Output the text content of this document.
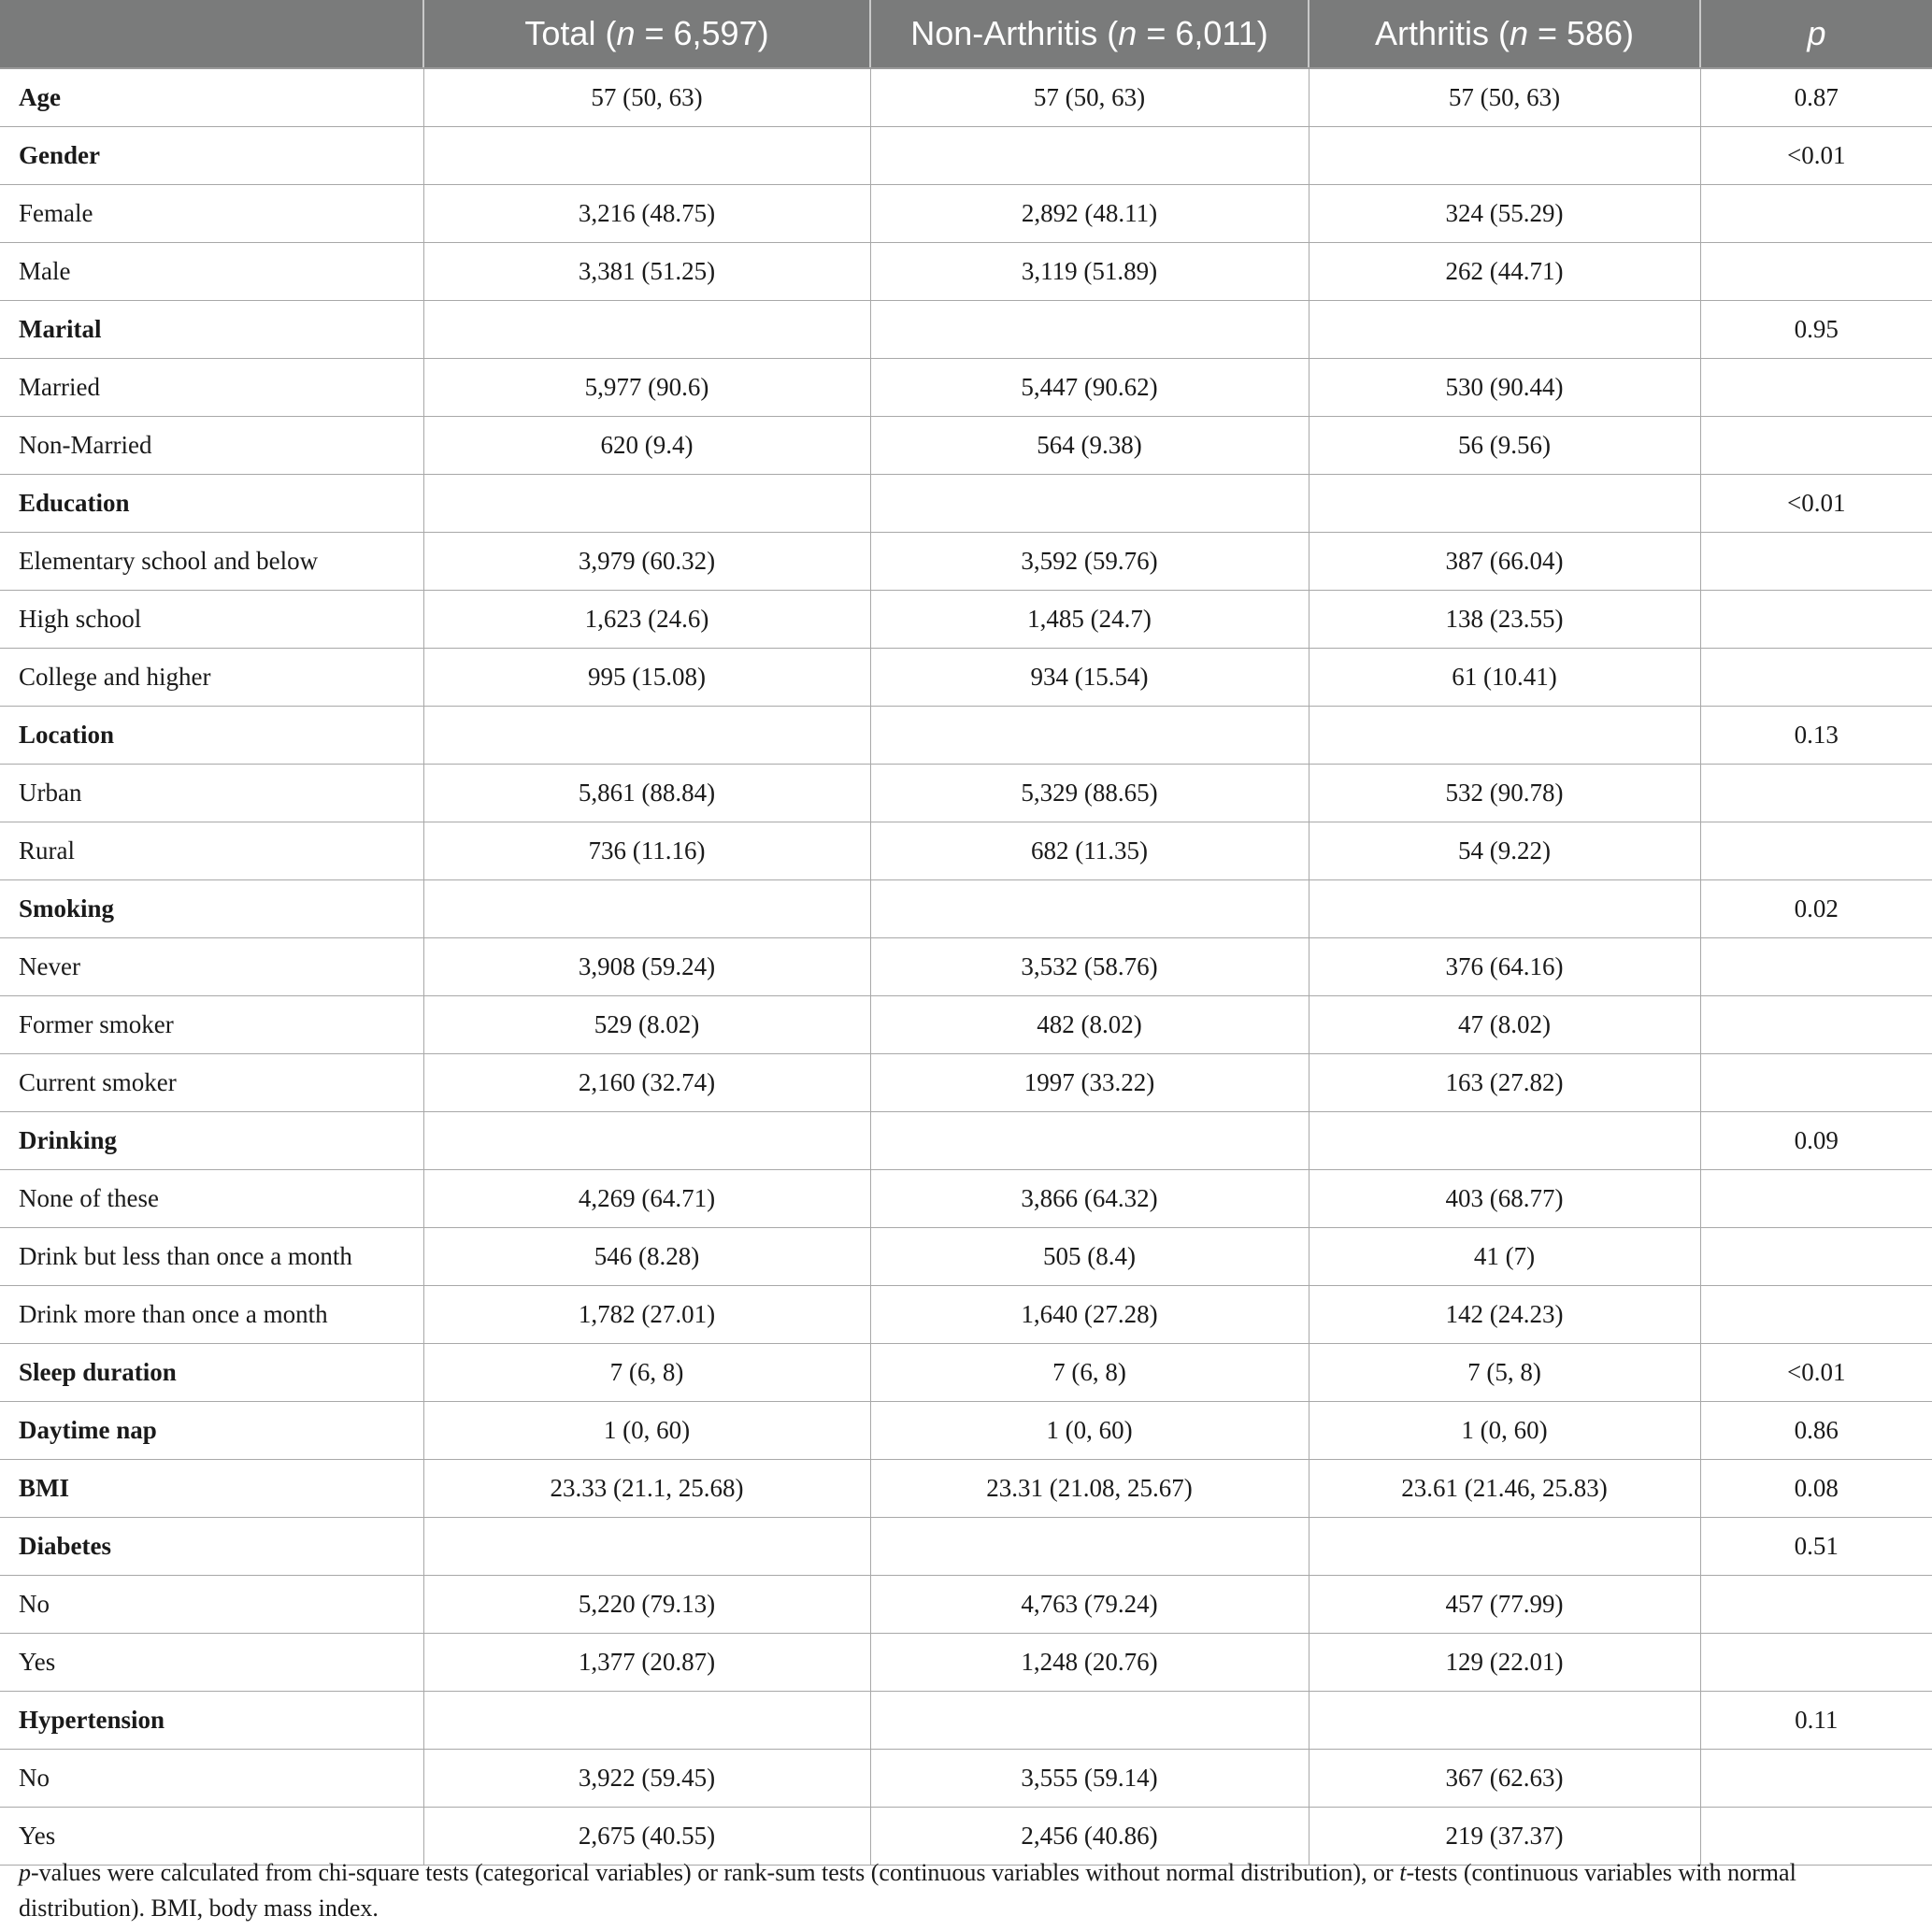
	Total (n = 6,597)	Non-Arthritis (n = 6,011)	Arthritis (n = 586)	p
Age	57 (50, 63)	57 (50, 63)	57 (50, 63)	0.87
Gender				<0.01
Female	3,216 (48.75)	2,892 (48.11)	324 (55.29)	
Male	3,381 (51.25)	3,119 (51.89)	262 (44.71)	
Marital				0.95
Married	5,977 (90.6)	5,447 (90.62)	530 (90.44)	
Non-Married	620 (9.4)	564 (9.38)	56 (9.56)	
Education				<0.01
Elementary school and below	3,979 (60.32)	3,592 (59.76)	387 (66.04)	
High school	1,623 (24.6)	1,485 (24.7)	138 (23.55)	
College and higher	995 (15.08)	934 (15.54)	61 (10.41)	
Location				0.13
Urban	5,861 (88.84)	5,329 (88.65)	532 (90.78)	
Rural	736 (11.16)	682 (11.35)	54 (9.22)	
Smoking				0.02
Never	3,908 (59.24)	3,532 (58.76)	376 (64.16)	
Former smoker	529 (8.02)	482 (8.02)	47 (8.02)	
Current smoker	2,160 (32.74)	1997 (33.22)	163 (27.82)	
Drinking				0.09
None of these	4,269 (64.71)	3,866 (64.32)	403 (68.77)	
Drink but less than once a month	546 (8.28)	505 (8.4)	41 (7)	
Drink more than once a month	1,782 (27.01)	1,640 (27.28)	142 (24.23)	
Sleep duration	7 (6, 8)	7 (6, 8)	7 (5, 8)	<0.01
Daytime nap	1 (0, 60)	1 (0, 60)	1 (0, 60)	0.86
BMI	23.33 (21.1, 25.68)	23.31 (21.08, 25.67)	23.61 (21.46, 25.83)	0.08
Diabetes				0.51
No	5,220 (79.13)	4,763 (79.24)	457 (77.99)	
Yes	1,377 (20.87)	1,248 (20.76)	129 (22.01)	
Hypertension				0.11
No	3,922 (59.45)	3,555 (59.14)	367 (62.63)	
Yes	2,675 (40.55)	2,456 (40.86)	219 (37.37)	
p-values were calculated from chi-square tests (categorical variables) or rank-sum tests (continuous variables without normal distribution), or t-tests (continuous variables with normal distribution). BMI, body mass index.
